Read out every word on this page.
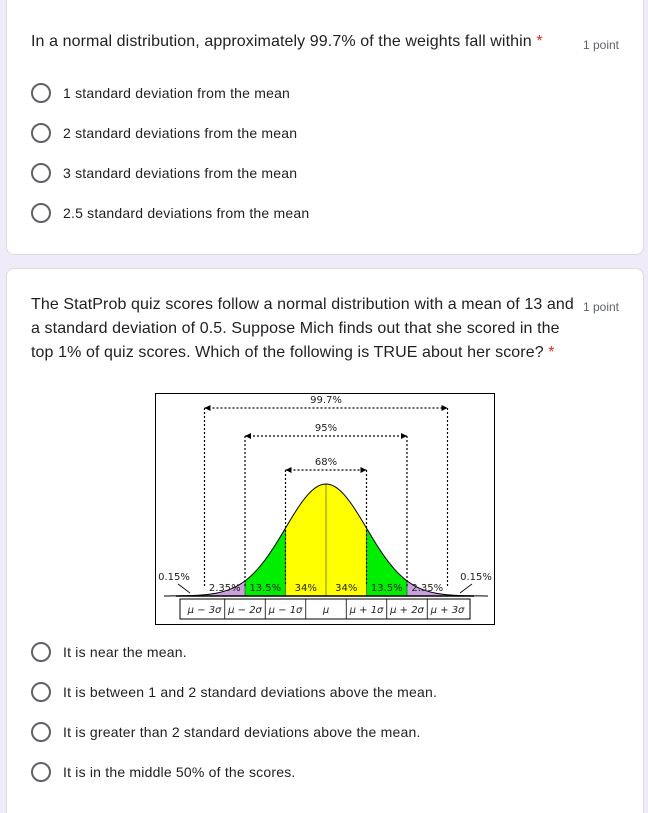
In a normal distribution, approximately 99.7% of the weights fall within *	1 point
1 standard deviation from the mean
2 standard deviations from the mean
3 standard deviations from the mean
2.5 standard deviations from the mean
The StatProb quiz scores follow a normal distribution with a mean of 13 and a standard deviation of 0.5. Suppose Mich finds out that she scored in the top 1% of quiz scores. Which of the following is TRUE about her score? *
1 point
99.7%
95%
68%
2.35% 13.5% 34% 34% 13.5% 2.35%
0.15%	0.15%
μ − 3σ μ − 2σ μ − 1σ μ μ + 1σ μ + 2σ μ + 3σ
It is near the mean.
It is between 1 and 2 standard deviations above the mean.
It is greater than 2 standard deviations above the mean.
It is in the middle 50% of the scores.
